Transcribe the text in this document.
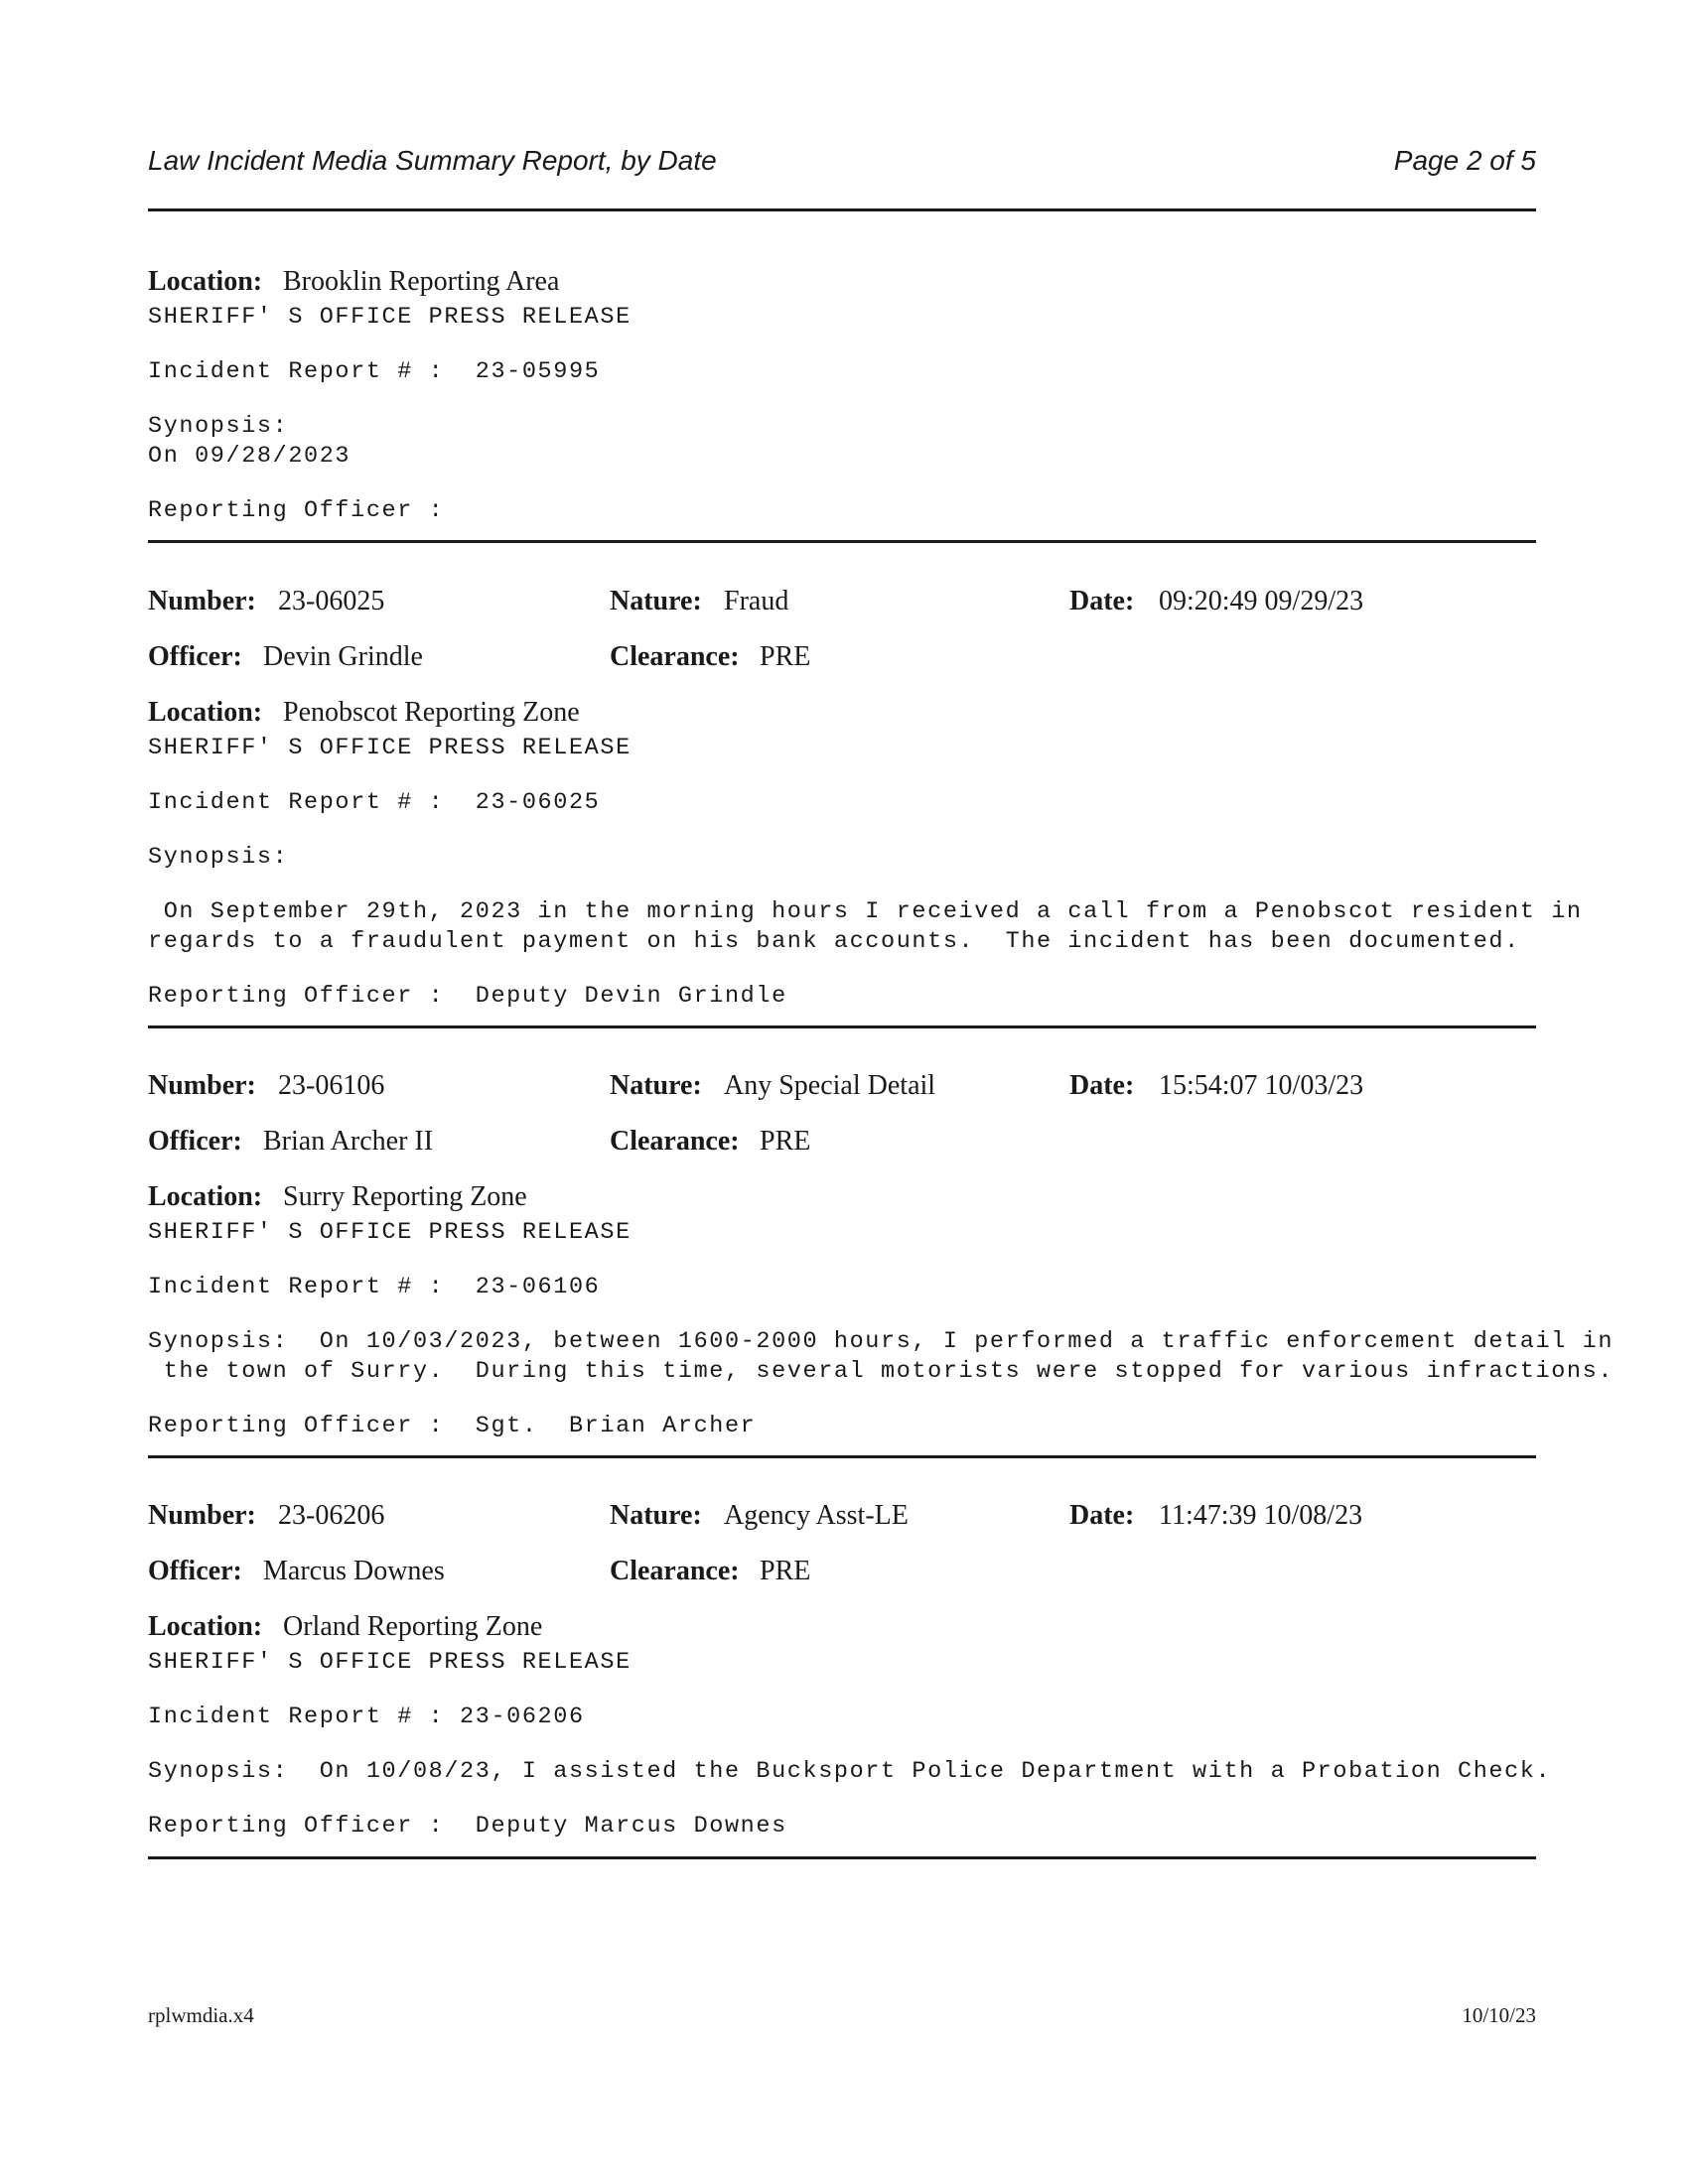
Law Incident Media Summary Report, by Date	Page 2 of 5
Location: Brooklin Reporting Area
SHERIFF' S OFFICE PRESS RELEASE
Incident Report # :  23-05995
Synopsis:
On 09/28/2023
Reporting Officer :
Number: 23-06025	Nature: Fraud	Date: 09:20:49 09/29/23
Officer: Devin Grindle	Clearance: PRE
Location: Penobscot Reporting Zone
SHERIFF' S OFFICE PRESS RELEASE
Incident Report # :  23-06025
Synopsis:
On September 29th, 2023 in the morning hours I received a call from a Penobscot resident in
regards to a fraudulent payment on his bank accounts.  The incident has been documented.
Reporting Officer :  Deputy Devin Grindle
Number: 23-06106	Nature: Any Special Detail	Date: 15:54:07 10/03/23
Officer: Brian Archer II	Clearance: PRE
Location: Surry Reporting Zone
SHERIFF' S OFFICE PRESS RELEASE
Incident Report # :  23-06106
Synopsis:  On 10/03/2023, between 1600-2000 hours, I performed a traffic enforcement detail in
the town of Surry.  During this time, several motorists were stopped for various infractions.
Reporting Officer :  Sgt.  Brian Archer
Number: 23-06206	Nature: Agency Asst-LE	Date: 11:47:39 10/08/23
Officer: Marcus Downes	Clearance: PRE
Location: Orland Reporting Zone
SHERIFF' S OFFICE PRESS RELEASE
Incident Report # : 23-06206
Synopsis:  On 10/08/23, I assisted the Bucksport Police Department with a Probation Check.
Reporting Officer :  Deputy Marcus Downes
rplwmdia.x4	10/10/23
